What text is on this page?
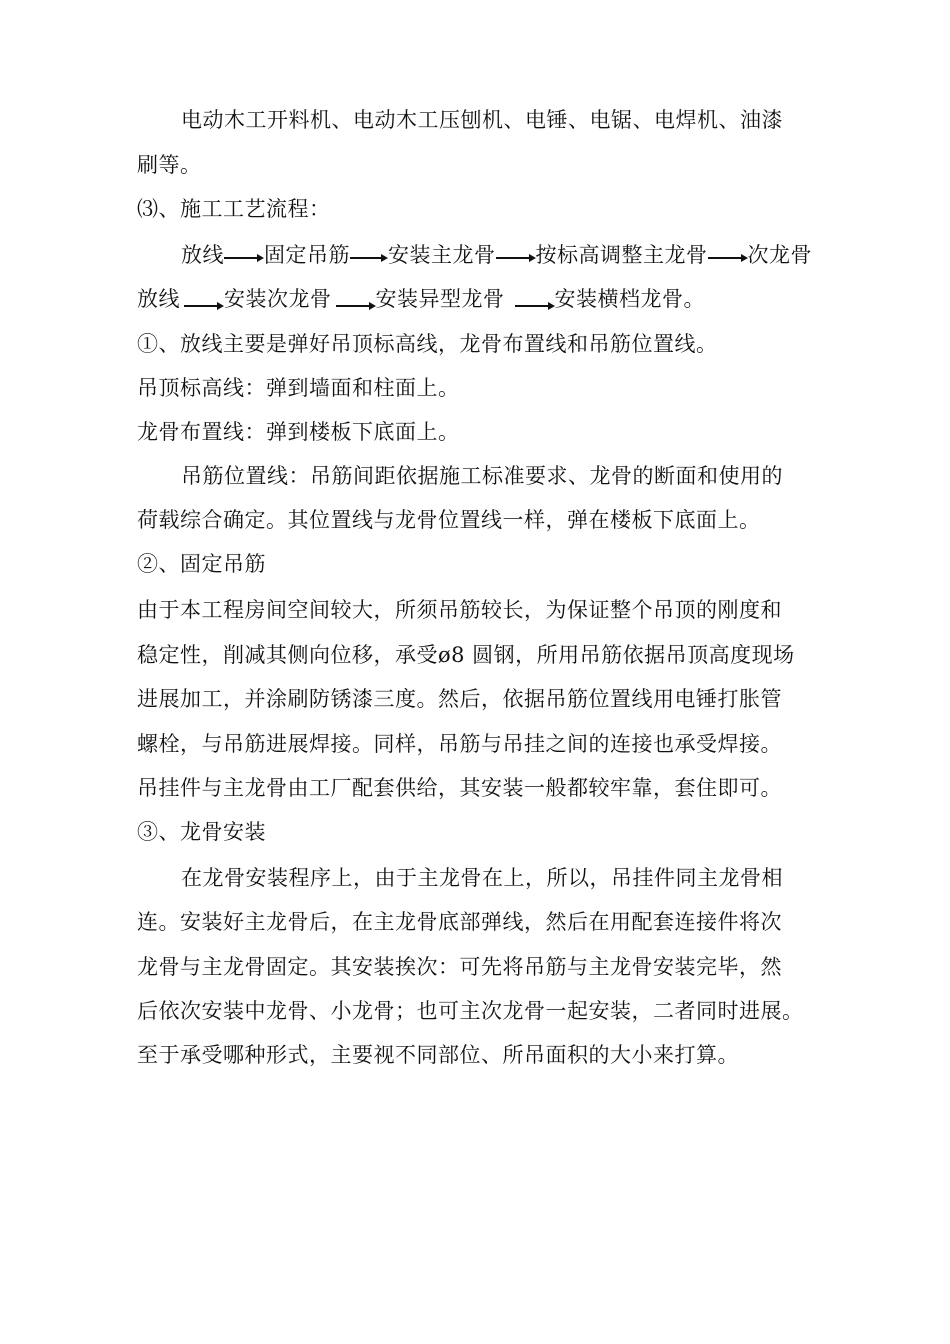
电动木工开料机、电动木工压刨机、电锤、电锯、电焊机、油漆
刷等。
⑶、施工工艺流程：
放线 固定吊筋 安装主龙骨 按标高调整主龙骨 次龙骨
放线 安装次龙骨 安装异型龙骨 安装横档龙骨。
①、放线主要是弹好吊顶标高线，龙骨布置线和吊筋位置线。
吊顶标高线：弹到墙面和柱面上。
龙骨布置线：弹到楼板下底面上。
吊筋位置线：吊筋间距依据施工标准要求、龙骨的断面和使用的
荷载综合确定。其位置线与龙骨位置线一样，弹在楼板下底面上。
②、固定吊筋
由于本工程房间空间较大，所须吊筋较长，为保证整个吊顶的刚度和
稳定性，削减其侧向位移，承受ø8 圆钢，所用吊筋依据吊顶高度现场
进展加工，并涂刷防锈漆三度。然后，依据吊筋位置线用电锤打胀管
螺栓，与吊筋进展焊接。同样，吊筋与吊挂之间的连接也承受焊接。
吊挂件与主龙骨由工厂配套供给，其安装一般都较牢靠，套住即可。
③、龙骨安装
在龙骨安装程序上，由于主龙骨在上，所以，吊挂件同主龙骨相
连。安装好主龙骨后，在主龙骨底部弹线，然后在用配套连接件将次
龙骨与主龙骨固定。其安装挨次：可先将吊筋与主龙骨安装完毕，然
后依次安装中龙骨、小龙骨；也可主次龙骨一起安装，二者同时进展。
至于承受哪种形式，主要视不同部位、所吊面积的大小来打算。
